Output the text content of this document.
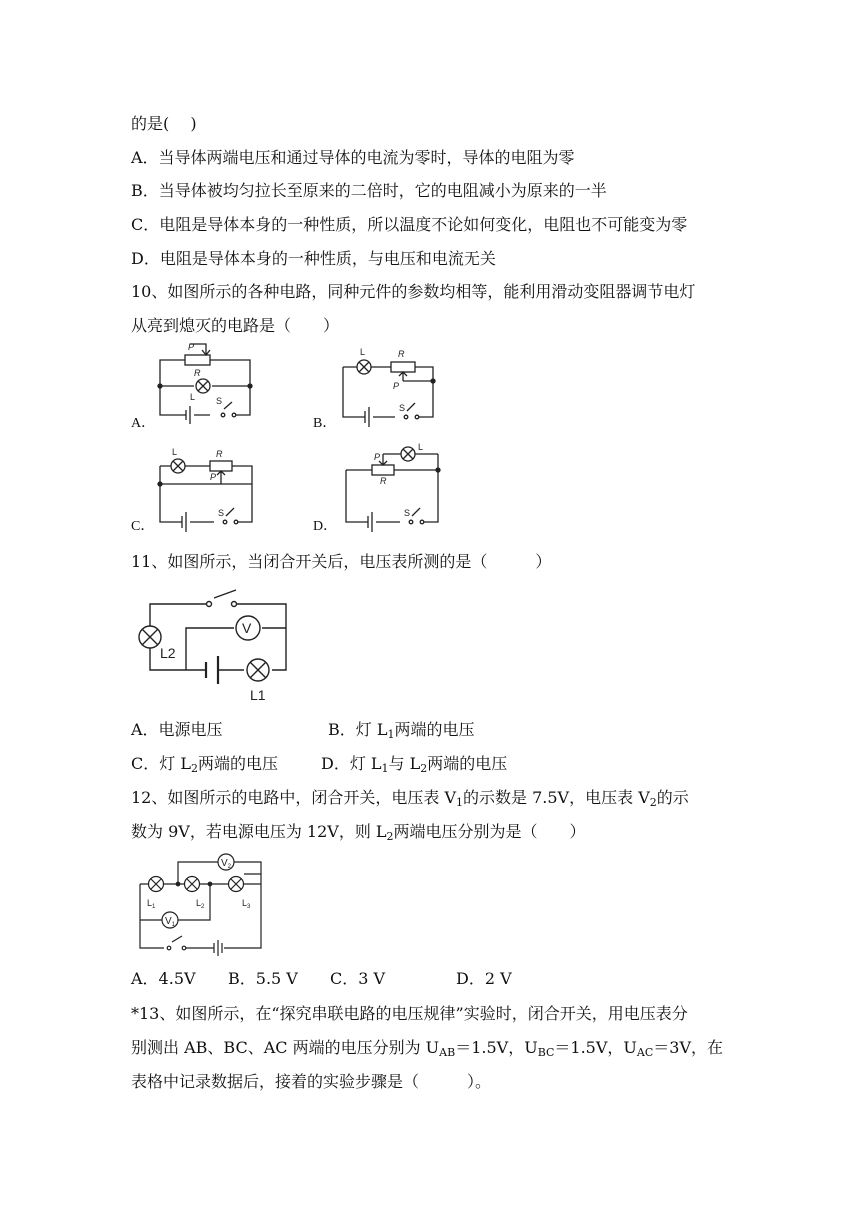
的是(　 )
A．当导体两端电压和通过导体的电流为零时，导体的电阻为零
B．当导体被均匀拉长至原来的二倍时，它的电阻减小为原来的一半
C．电阻是导体本身的一种性质，所以温度不论如何变化，电阻也不可能变为零
D．电阻是导体本身的一种性质，与电压和电流无关
10、如图所示的各种电路，同种元件的参数均相等，能利用滑动变阻器调节电灯
从亮到熄灭的电路是（　　）
A．	B．
C．	D．
P
R
L S
L	R
P
S
L	R
P
S
P
L
R
S
11、如图所示，当闭合开关后，电压表所测的是（　　　）
V
L2
L1
A．电源电压	B．灯 $L_1$两端的电压
C．灯 $L_2$两端的电压	D．灯 $L_1$与 $L_2$两端的电压
12、如图所示的电路中，闭合开关，电压表 $V_1$的示数是 7.5V，电压表 $V_2$的示
数为 9V，若电源电压为 12V，则 $L_2$两端电压分别为是（　　）
$V_2$
$V_1$
$L_1$	$L_2$	$L_3$
A．4.5V B．5.5 V C．3 V	D．2 V
*13、如图所示，在“探究串联电路的电压规律”实验时，闭合开关，用电压表分
别测出 AB、BC、AC 两端的电压分别为 $U_{AB}=1.5V$，$U_{BC}=1.5V$，$U_{AC}=3V$，在
表格中记录数据后，接着的实验步骤是（　　　）。
